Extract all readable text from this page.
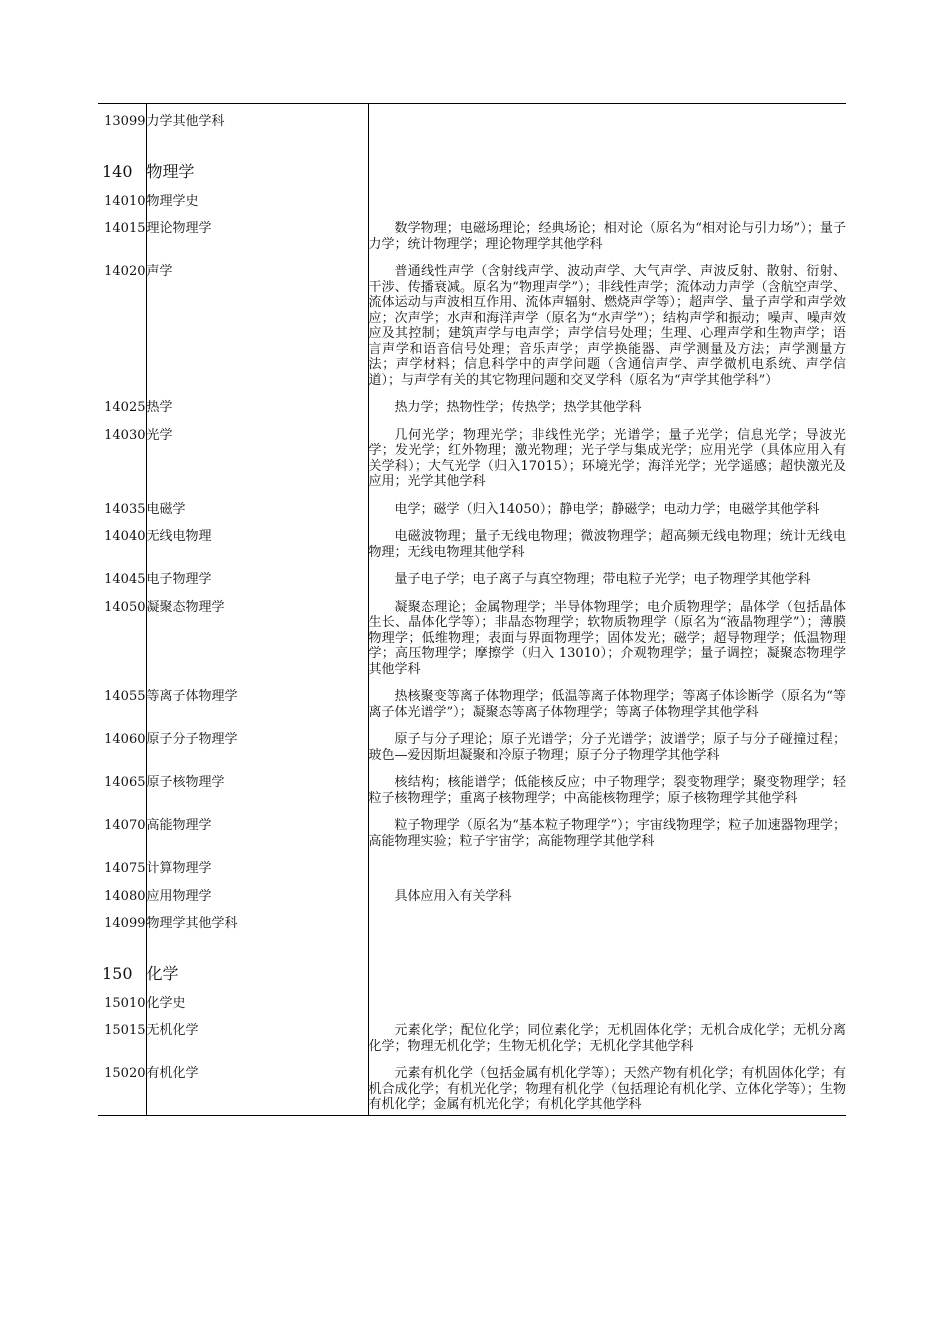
13099	力学其他学科	
140	物理学	
14010	物理学史	
14015	理论物理学	数学物理；电磁场理论；经典场论；相对论（原名为“相对论与引力场”）；量子力学；统计物理学；理论物理学其他学科
14020	声学	普通线性声学（含射线声学、波动声学、大气声学、声波反射、散射、衍射、干涉、传播衰减。原名为“物理声学”）；非线性声学；流体动力声学（含航空声学、流体运动与声波相互作用、流体声辐射、燃烧声学等）；超声学、量子声学和声学效应；次声学；水声和海洋声学（原名为“水声学”）；结构声学和振动；噪声、噪声效应及其控制；建筑声学与电声学；声学信号处理；生理、心理声学和生物声学；语言声学和语音信号处理；音乐声学；声学换能器、声学测量及方法；声学测量方法；声学材料；信息科学中的声学问题（含通信声学、声学微机电系统、声学信道）；与声学有关的其它物理问题和交叉学科（原名为“声学其他学科”）
14025	热学	热力学；热物性学；传热学；热学其他学科
14030	光学	几何光学；物理光学；非线性光学；光谱学；量子光学；信息光学；导波光学；发光学；红外物理；激光物理；光子学与集成光学；应用光学（具体应用入有关学科）；大气光学（归入17015）；环境光学；海洋光学；光学遥感；超快激光及应用；光学其他学科
14035	电磁学	电学；磁学（归入14050）；静电学；静磁学；电动力学；电磁学其他学科
14040	无线电物理	电磁波物理；量子无线电物理；微波物理学；超高频无线电物理；统计无线电物理；无线电物理其他学科
14045	电子物理学	量子电子学；电子离子与真空物理；带电粒子光学；电子物理学其他学科
14050	凝聚态物理学	凝聚态理论；金属物理学；半导体物理学；电介质物理学；晶体学（包括晶体生长、晶体化学等）；非晶态物理学；软物质物理学（原名为“液晶物理学”）；薄膜物理学；低维物理；表面与界面物理学；固体发光；磁学；超导物理学；低温物理学；高压物理学；摩擦学（归入 13010）；介观物理学；量子调控；凝聚态物理学其他学科
14055	等离子体物理学	热核聚变等离子体物理学；低温等离子体物理学；等离子体诊断学（原名为“等离子体光谱学”）；凝聚态等离子体物理学；等离子体物理学其他学科
14060	原子分子物理学	原子与分子理论；原子光谱学；分子光谱学；波谱学；原子与分子碰撞过程；玻色—爱因斯坦凝聚和冷原子物理；原子分子物理学其他学科
14065	原子核物理学	核结构；核能谱学；低能核反应；中子物理学；裂变物理学；聚变物理学；轻粒子核物理学；重离子核物理学；中高能核物理学；原子核物理学其他学科
14070	高能物理学	粒子物理学（原名为“基本粒子物理学”）；宇宙线物理学；粒子加速器物理学；高能物理实验；粒子宇宙学；高能物理学其他学科
14075	计算物理学	
14080	应用物理学	具体应用入有关学科
14099	物理学其他学科	
150	化学	
15010	化学史	
15015	无机化学	元素化学；配位化学；同位素化学；无机固体化学；无机合成化学；无机分离化学；物理无机化学；生物无机化学；无机化学其他学科
15020	有机化学	元素有机化学（包括金属有机化学等）；天然产物有机化学；有机固体化学；有机合成化学；有机光化学；物理有机化学（包括理论有机化学、立体化学等）；生物有机化学；金属有机光化学；有机化学其他学科
